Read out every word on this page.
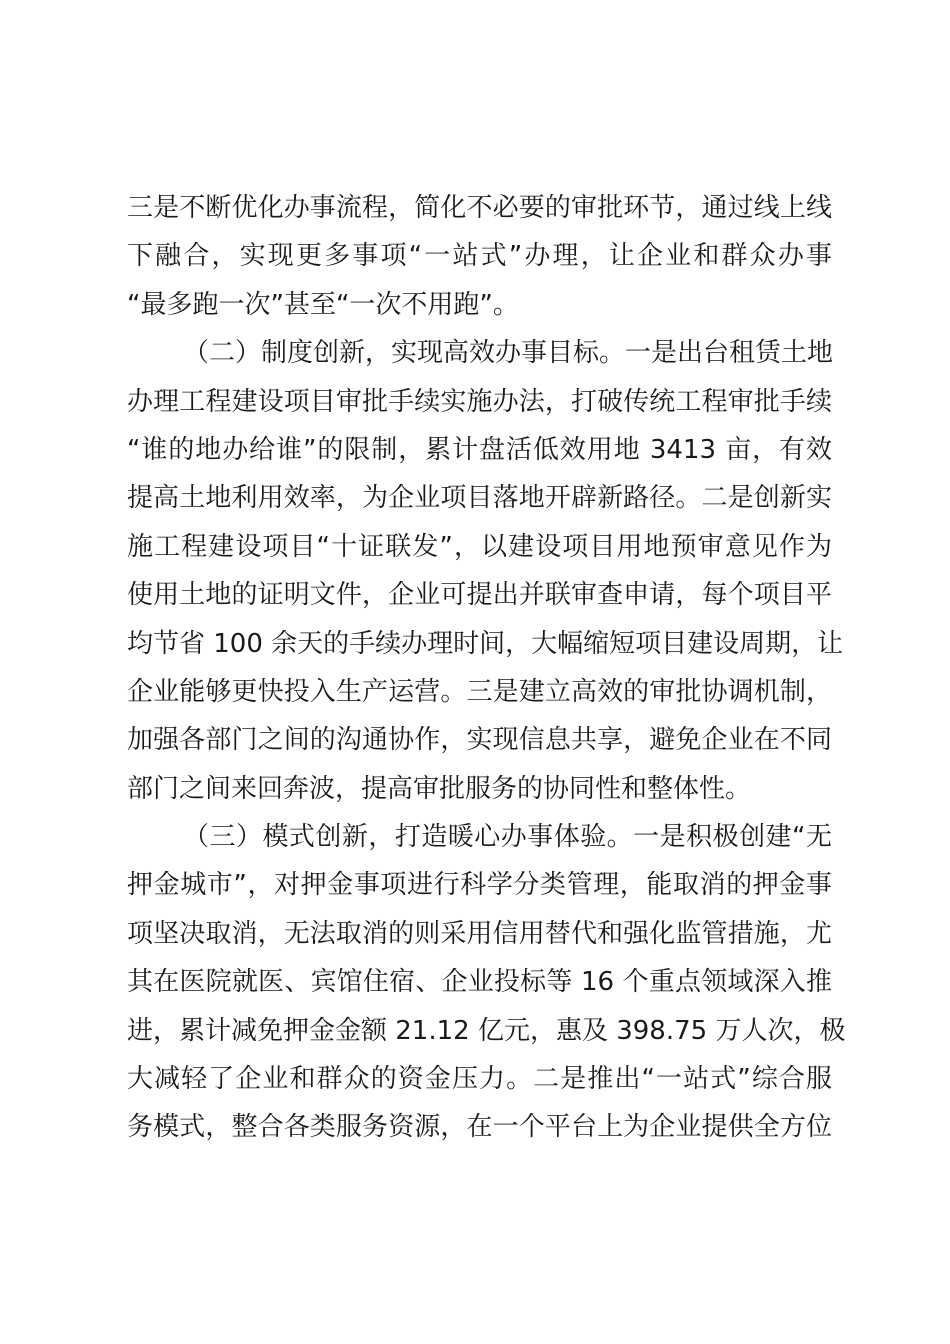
三是不断优化办事流程，简化不必要的审批环节，通过线上线
下融合，实现更多事项“一站式”办理，让企业和群众办事
“最多跑一次”甚至“一次不用跑”。
（二）制度创新，实现高效办事目标。一是出台租赁土地
办理工程建设项目审批手续实施办法，打破传统工程审批手续
“谁的地办给谁”的限制，累计盘活低效用地 3413 亩，有效
提高土地利用效率，为企业项目落地开辟新路径。二是创新实
施工程建设项目“十证联发”，以建设项目用地预审意见作为
使用土地的证明文件，企业可提出并联审查申请，每个项目平
均节省 100 余天的手续办理时间，大幅缩短项目建设周期，让
企业能够更快投入生产运营。三是建立高效的审批协调机制，
加强各部门之间的沟通协作，实现信息共享，避免企业在不同
部门之间来回奔波，提高审批服务的协同性和整体性。
（三）模式创新，打造暖心办事体验。一是积极创建“无
押金城市”，对押金事项进行科学分类管理，能取消的押金事
项坚决取消，无法取消的则采用信用替代和强化监管措施，尤
其在医院就医、宾馆住宿、企业投标等 16 个重点领域深入推
进，累计减免押金金额 21.12 亿元，惠及 398.75 万人次，极
大减轻了企业和群众的资金压力。二是推出“一站式”综合服
务模式，整合各类服务资源，在一个平台上为企业提供全方位
